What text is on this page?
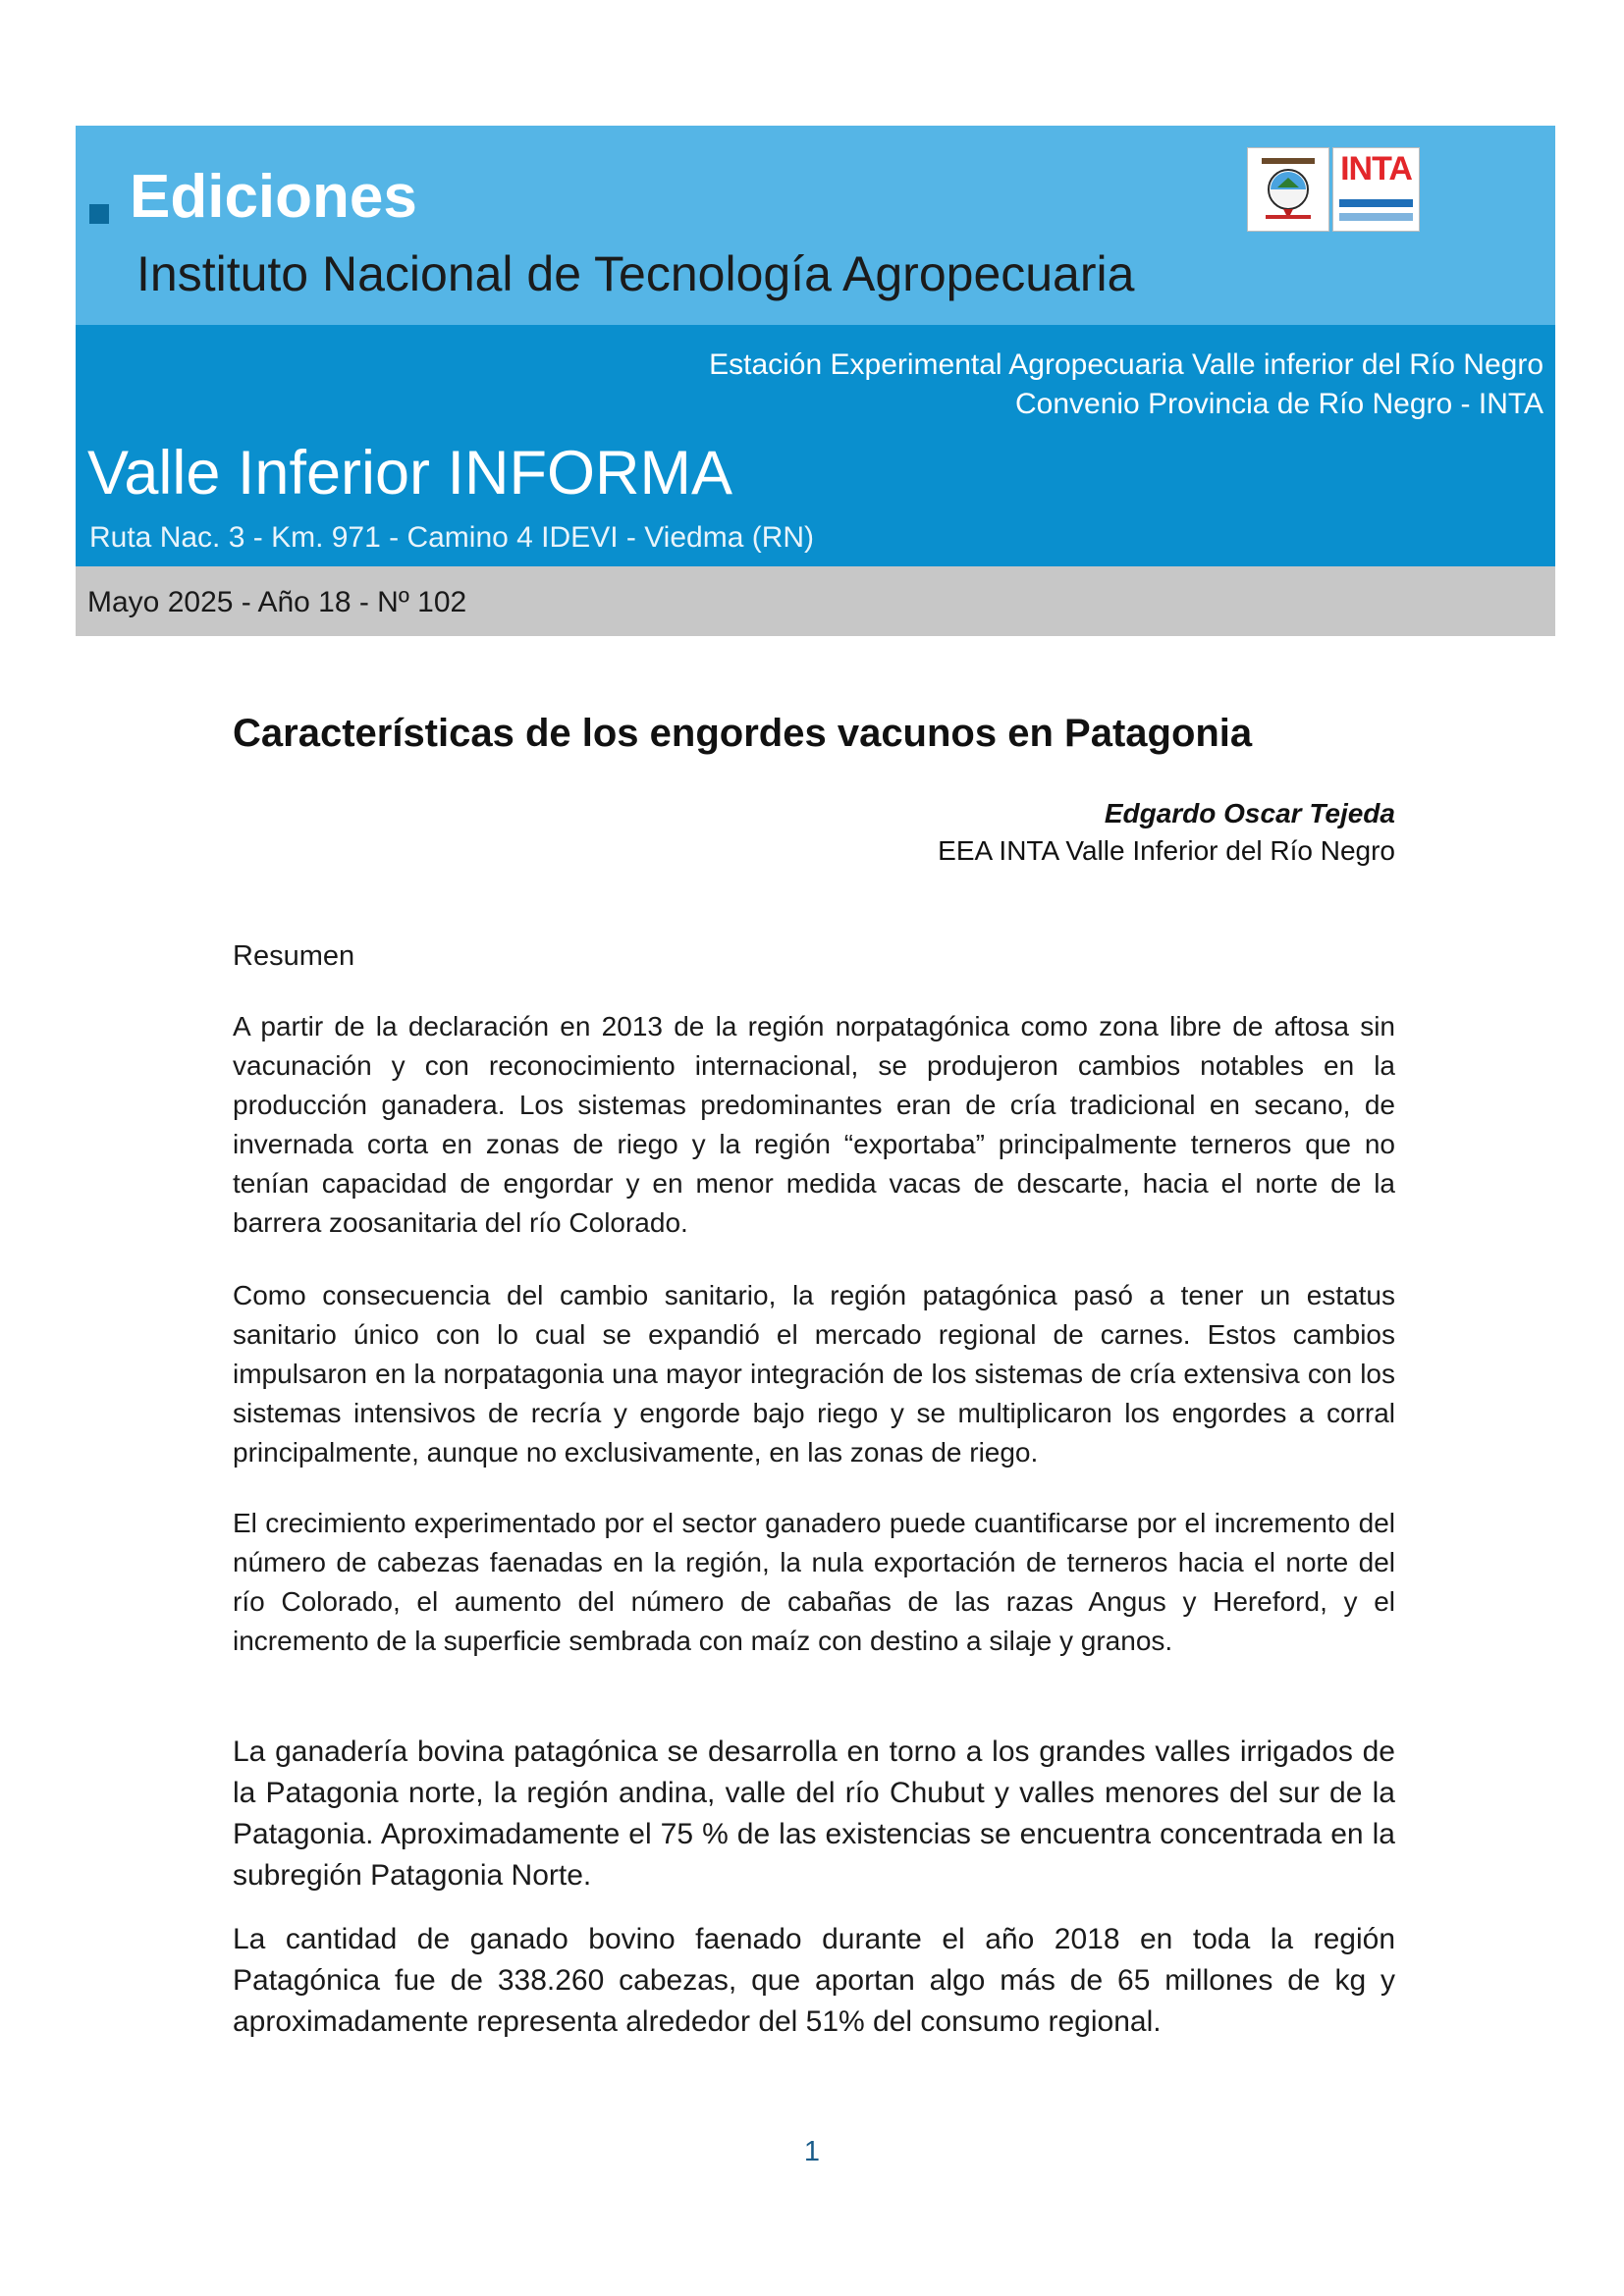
Ediciones
Instituto Nacional de Tecnología Agropecuaria
INTA
Estación Experimental Agropecuaria Valle inferior del Río Negro
Convenio Provincia de Río Negro - INTA
Valle Inferior INFORMA
Ruta Nac. 3 - Km. 971 - Camino 4 IDEVI - Viedma (RN)
Mayo 2025 - Año 18 - Nº 102
Características de los engordes vacunos en Patagonia
Edgardo Oscar Tejeda
EEA INTA Valle Inferior del Río Negro
Resumen

A partir de la declaración en 2013 de la región norpatagónica como zona libre de aftosa sin vacunación y con reconocimiento internacional, se produjeron cambios notables en la producción ganadera. Los sistemas predominantes eran de cría tradicional en secano, de invernada corta en zonas de riego y la región “exportaba” principalmente terneros que no tenían capacidad de engordar y en menor medida vacas de descarte, hacia el norte de la barrera zoosanitaria del río Colorado.

Como consecuencia del cambio sanitario, la región patagónica pasó a tener un estatus sanitario único con lo cual se expandió el mercado regional de carnes. Estos cambios impulsaron en la norpatagonia una mayor integración de los sistemas de cría extensiva con los sistemas intensivos de recría y engorde bajo riego y se multiplicaron los engordes a corral principalmente, aunque no exclusivamente, en las zonas de riego.

El crecimiento experimentado por el sector ganadero puede cuantificarse por el incremento del número de cabezas faenadas en la región, la nula exportación de terneros hacia el norte del río Colorado, el aumento del número de cabañas de las razas Angus y Hereford, y el incremento de la superficie sembrada con maíz con destino a silaje y granos.

La ganadería bovina patagónica se desarrolla en torno a los grandes valles irrigados de la Patagonia norte, la región andina, valle del río Chubut y valles menores del sur de la Patagonia. Aproximadamente el 75 % de las existencias se encuentra concentrada en la subregión Patagonia Norte.

La cantidad de ganado bovino faenado durante el año 2018 en toda la región Patagónica fue de 338.260 cabezas, que aportan algo más de 65 millones de kg y aproximadamente representa alrededor del 51% del consumo regional.

1
